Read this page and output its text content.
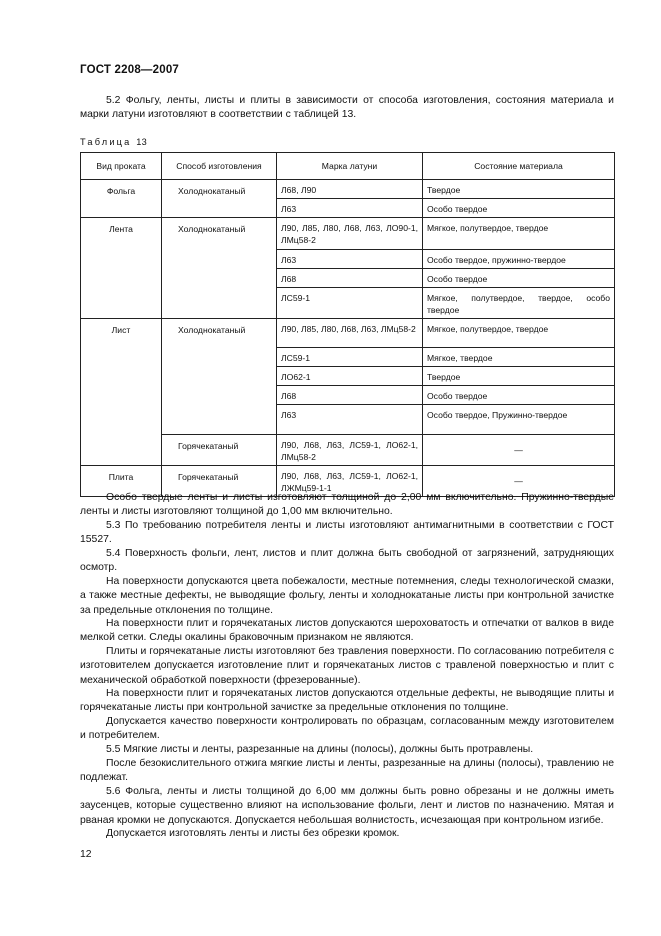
ГОСТ 2208—2007
5.2 Фольгу, ленты, листы и плиты в зависимости от способа изготовления, состояния материала и марки латуни изготовляют в соответствии с таблицей 13.
Таблица 13
Вид проката	Способ изготовления	Марка латуни	Состояние материала
Фольга	Холоднокатаный	Л68, Л90	Твердое
		Л63	Особо твердое
Лента	Холоднокатаный	Л90, Л85, Л80, Л68, Л63, ЛО90-1, ЛМц58-2	Мягкое, полутвердое, твердое
		Л63	Особо твердое, пружинно-твердое
		Л68	Особо твердое
		ЛС59-1	Мягкое, полутвердое, твердое, особо твердое
Лист	Холоднокатаный	Л90, Л85, Л80, Л68, Л63, ЛМц58-2	Мягкое, полутвердое, твердое
		ЛС59-1	Мягкое, твердое
		ЛО62-1	Твердое
		Л68	Особо твердое
		Л63	Особо твердое, Пружинно-твердое
	Горячекатаный	Л90, Л68, Л63, ЛС59-1, ЛО62-1, ЛМц58-2	—
Плита	Горячекатаный	Л90, Л68, Л63, ЛС59-1, ЛО62-1, ЛЖМц59-1-1	—
Особо твердые ленты и листы изготовляют толщиной до 2,00 мм включительно. Пружинно-твердые ленты и листы изготовляют толщиной до 1,00 мм включительно.
5.3 По требованию потребителя ленты и листы изготовляют антимагнитными в соответствии с ГОСТ 15527.
5.4 Поверхность фольги, лент, листов и плит должна быть свободной от загрязнений, затрудняющих осмотр.
На поверхности допускаются цвета побежалости, местные потемнения, следы технологической смазки, а также местные дефекты, не выводящие фольгу, ленты и холоднокатаные листы при контрольной зачистке за предельные отклонения по толщине.
На поверхности плит и горячекатаных листов допускаются шероховатость и отпечатки от валков в виде мелкой сетки. Следы окалины браковочным признаком не являются.
Плиты и горячекатаные листы изготовляют без травления поверхности. По согласованию потребителя с изготовителем допускается изготовление плит и горячекатаных листов с травленой поверхностью и плит с механической обработкой поверхности (фрезерованные).
На поверхности плит и горячекатаных листов допускаются отдельные дефекты, не выводящие плиты и горячекатаные листы при контрольной зачистке за предельные отклонения по толщине.
Допускается качество поверхности контролировать по образцам, согласованным между изготовителем и потребителем.
5.5 Мягкие листы и ленты, разрезанные на длины (полосы), должны быть протравлены.
После безокислительного отжига мягкие листы и ленты, разрезанные на длины (полосы), травлению не подлежат.
5.6 Фольга, ленты и листы толщиной до 6,00 мм должны быть ровно обрезаны и не должны иметь заусенцев, которые существенно влияют на использование фольги, лент и листов по назначению. Мятая и рваная кромки не допускаются. Допускается небольшая волнистость, исчезающая при контрольном изгибе.
Допускается изготовлять ленты и листы без обрезки кромок.
12
